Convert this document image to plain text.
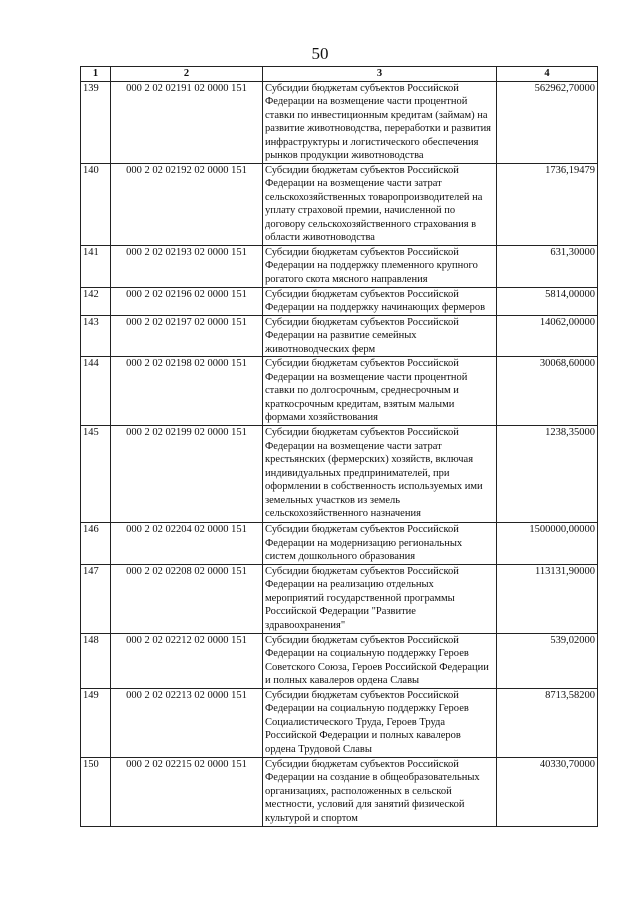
50
1	2	3	4
139	000 2 02 02191 02 0000 151	Субсидии бюджетам субъектов Российской Федерации на возмещение части процентной ставки по инвестиционным кредитам (займам) на развитие животноводства, переработки и развития инфраструктуры и логистического обеспечения рынков продукции животноводства	562962,70000
140	000 2 02 02192 02 0000 151	Субсидии бюджетам субъектов Российской Федерации на возмещение части затрат сельскохозяйственных товаропроизводителей на уплату страховой премии, начисленной по договору сельскохозяйственного страхования в области животноводства	1736,19479
141	000 2 02 02193 02 0000 151	Субсидии бюджетам субъектов Российской Федерации на поддержку племенного крупного рогатого скота мясного направления	631,30000
142	000 2 02 02196 02 0000 151	Субсидии бюджетам субъектов Российской Федерации на поддержку начинающих фермеров	5814,00000
143	000 2 02 02197 02 0000 151	Субсидии бюджетам субъектов Российской Федерации на развитие семейных животноводческих ферм	14062,00000
144	000 2 02 02198 02 0000 151	Субсидии бюджетам субъектов Российской Федерации на возмещение части процентной ставки по долгосрочным, среднесрочным и краткосрочным кредитам, взятым малыми формами хозяйствования	30068,60000
145	000 2 02 02199 02 0000 151	Субсидии бюджетам субъектов Российской Федерации на возмещение части затрат крестьянских (фермерских) хозяйств, включая индивидуальных предпринимателей, при оформлении в собственность используемых ими земельных участков из земель сельскохозяйственного назначения	1238,35000
146	000 2 02 02204 02 0000 151	Субсидии бюджетам субъектов Российской Федерации на модернизацию региональных систем дошкольного образования	1500000,00000
147	000 2 02 02208 02 0000 151	Субсидии бюджетам субъектов Российской Федерации на реализацию отдельных мероприятий государственной программы Российской Федерации "Развитие здравоохранения"	113131,90000
148	000 2 02 02212 02 0000 151	Субсидии бюджетам субъектов Российской Федерации на социальную поддержку Героев Советского Союза, Героев Российской Федерации и полных кавалеров ордена Славы	539,02000
149	000 2 02 02213 02 0000 151	Субсидии бюджетам субъектов Российской Федерации на социальную поддержку Героев Социалистического Труда, Героев Труда Российской Федерации и полных кавалеров ордена Трудовой Славы	8713,58200
150	000 2 02 02215 02 0000 151	Субсидии бюджетам субъектов Российской Федерации на создание в общеобразовательных организациях, расположенных в сельской местности, условий для занятий физической культурой и спортом	40330,70000
